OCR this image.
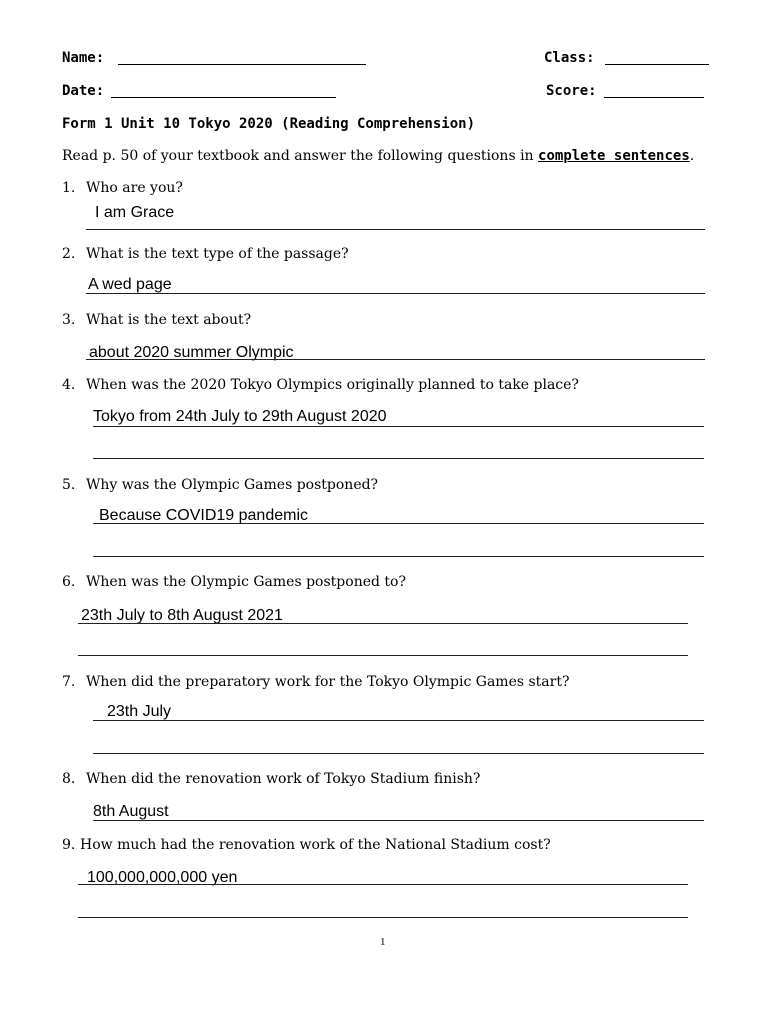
Name:	Class:
Date:	Score:
Form 1 Unit 10 Tokyo 2020 (Reading Comprehension)
Read p. 50 of your textbook and answer the following questions in complete sentences.
1. Who are you?
I am Grace
2. What is the text type of the passage?
A wed page
3. What is the text about?
about 2020 summer Olympic
4. When was the 2020 Tokyo Olympics originally planned to take place?
Tokyo from 24th July to 29th August 2020
5. Why was the Olympic Games postponed?
Because COVID19 pandemic
6. When was the Olympic Games postponed to?
23th July to 8th August 2021
7. When did the preparatory work for the Tokyo Olympic Games start?
23th July
8. When did the renovation work of Tokyo Stadium finish?
8th August
9. How much had the renovation work of the National Stadium cost?
100,000,000,000 yen
1
